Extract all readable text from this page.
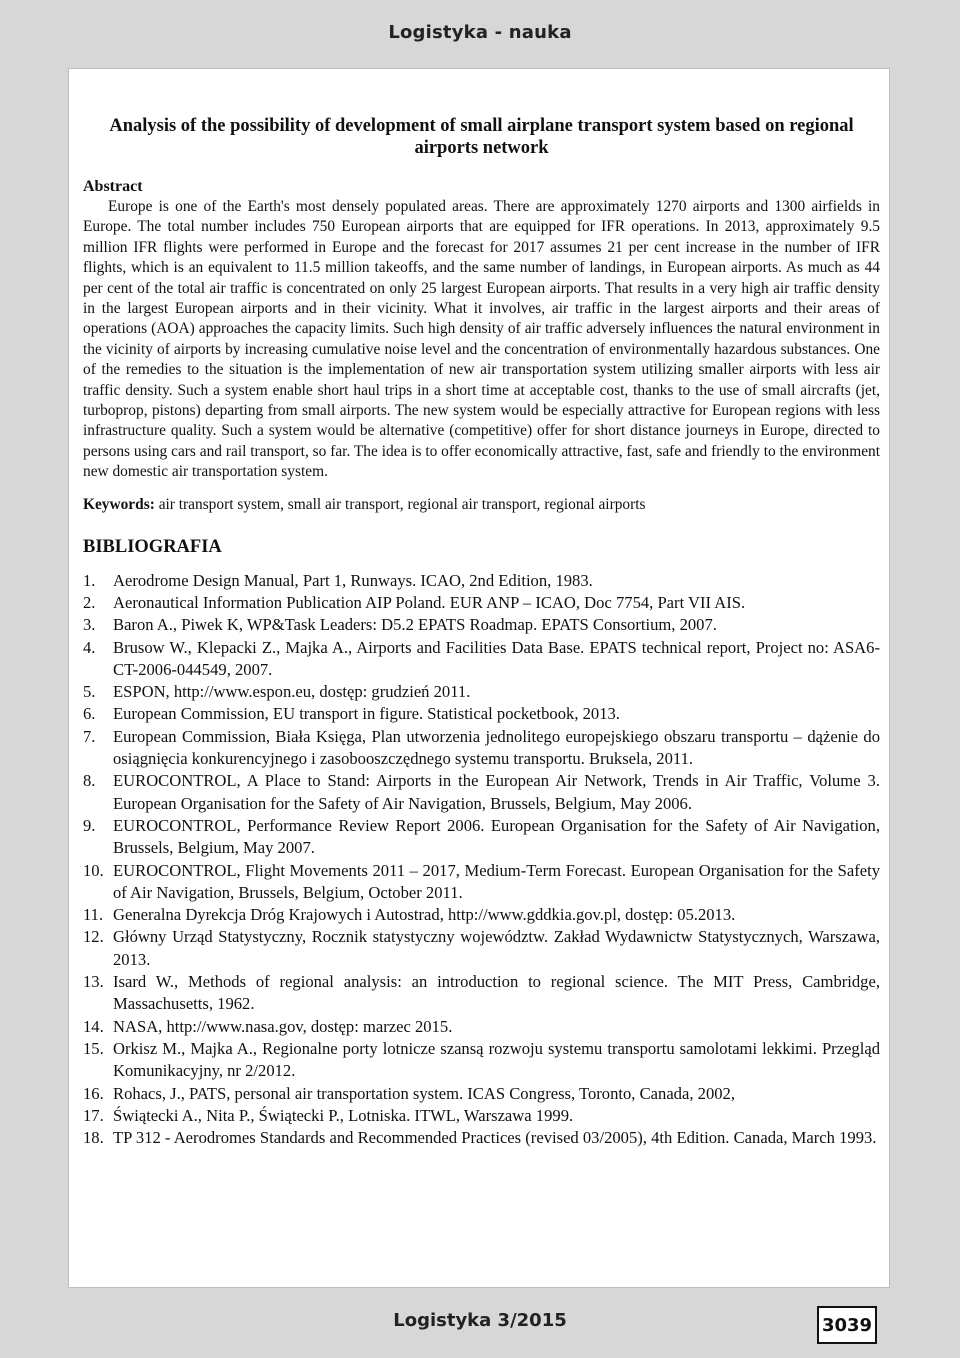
Logistyka - nauka
Analysis of the possibility of development of small airplane transport system based on regional airports network

Abstract

Europe is one of the Earth's most densely populated areas. There are approximately 1270 airports and 1300 airfields in Europe. The total number includes 750 European airports that are equipped for IFR operations. In 2013, approximately 9.5 million IFR flights were performed in Europe and the forecast for 2017 assumes 21 per cent increase in the number of IFR flights, which is an equivalent to 11.5 million takeoffs, and the same number of landings, in European airports. As much as 44 per cent of the total air traffic is concentrated on only 25 largest European airports. That results in a very high air traffic density in the largest European airports and in their vicinity. What it involves, air traffic in the largest airports and their areas of operations (AOA) approaches the capacity limits. Such high density of air traffic adversely influences the natural environment in the vicinity of airports by increasing cumulative noise level and the concentration of environmentally hazardous substances. One of the remedies to the situation is the implementation of new air transportation system utilizing smaller airports with less air traffic density. Such a system enable short haul trips in a short time at acceptable cost, thanks to the use of small aircrafts (jet, turboprop, pistons) departing from small airports. The new system would be especially attractive for European regions with less infrastructure quality. Such a system would be alternative (competitive) offer for short distance journeys in Europe, directed to persons using cars and rail transport, so far. The idea is to offer economically attractive, fast, safe and friendly to the environment new domestic air transportation system.

Keywords: air transport system, small air transport, regional air transport, regional airports

BIBLIOGRAFIA
1.	Aerodrome Design Manual, Part 1, Runways. ICAO, 2nd Edition, 1983.
2.	Aeronautical Information Publication AIP Poland. EUR ANP – ICAO, Doc 7754, Part VII AIS.
3.	Baron A., Piwek K, WP&Task Leaders: D5.2 EPATS Roadmap. EPATS Consortium, 2007.
4.	Brusow W., Klepacki Z., Majka A., Airports and Facilities Data Base. EPATS technical report, Project no: ASA6-CT-2006-044549, 2007.
5.	ESPON, http://www.espon.eu, dostęp: grudzień 2011.
6.	European Commission, EU transport in figure. Statistical pocketbook, 2013.
7.	European Commission, Biała Księga, Plan utworzenia jednolitego europejskiego obszaru transportu – dążenie do osiągnięcia konkurencyjnego i zasobooszczędnego systemu transportu. Bruksela, 2011.
8.	EUROCONTROL, A Place to Stand: Airports in the European Air Network, Trends in Air Traffic, Volume 3. European Organisation for the Safety of Air Navigation, Brussels, Belgium, May 2006.
9.	EUROCONTROL, Performance Review Report 2006. European Organisation for the Safety of Air Navigation, Brussels, Belgium, May 2007.
10. EUROCONTROL, Flight Movements 2011 – 2017, Medium-Term Forecast. European Organisation for the Safety of Air Navigation, Brussels, Belgium, October 2011.
11. Generalna Dyrekcja Dróg Krajowych i Autostrad, http://www.gddkia.gov.pl, dostęp: 05.2013.
12. Główny Urząd Statystyczny, Rocznik statystyczny województw. Zakład Wydawnictw Statystycznych, Warszawa, 2013.
13. Isard W., Methods of regional analysis: an introduction to regional science. The MIT Press, Cambridge, Massachusetts, 1962.
14. NASA, http://www.nasa.gov, dostęp: marzec 2015.
15. Orkisz M., Majka A., Regionalne porty lotnicze szansą rozwoju systemu transportu samolotami lekkimi. Przegląd Komunikacyjny, nr 2/2012.
16. Rohacs, J., PATS, personal air transportation system. ICAS Congress, Toronto, Canada, 2002,
17. Świątecki A., Nita P., Świątecki P., Lotniska. ITWL, Warszawa 1999.
18. TP 312 - Aerodromes Standards and Recommended Practices (revised 03/2005), 4th Edition. Canada, March 1993.
Logistyka 3/2015	3039
